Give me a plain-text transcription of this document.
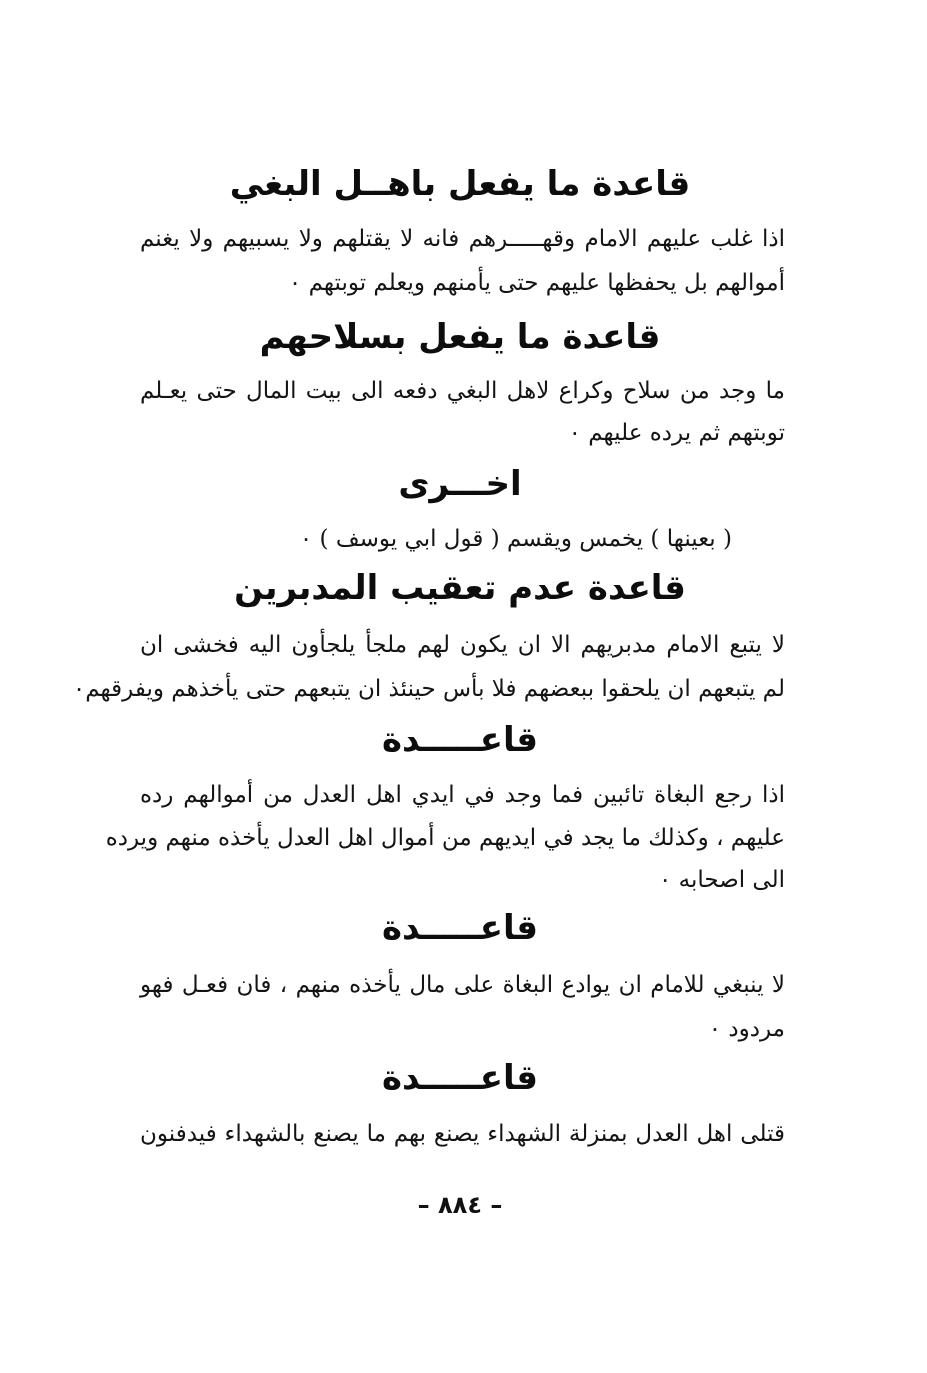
قاعدة ما يفعل باهــل البغي
اذا غلب عليهم الامام وقهـــــرهم فانه لا يقتلهم ولا يسبيهم ولا يغنم
أموالهم بل يحفظها عليهم حتى يأمنهم ويعلم توبتهم ٠
قاعدة ما يفعل بسلاحهم
ما وجد من سلاح وكراع لاهل البغي دفعه الى بيت المال حتى يعـلم
توبتهم ثم يرده عليهم ٠
اخـــرى
( بعينها ) يخمس ويقسم ( قول ابي يوسف ) ٠
قاعدة عدم تعقيب المدبرين
لا يتبع الامام مدبريهم الا ان يكون لهم ملجأ يلجأون اليه فخشى ان
لم يتبعهم ان يلحقوا ببعضهم فلا بأس حينئذ ان يتبعهم حتى يأخذهم ويفرقهم٠
قاعـــــدة
اذا رجع البغاة تائبين فما وجد في ايدي اهل العدل من أموالهم رده
عليهم ، وكذلك ما يجد في ايديهم من أموال اهل العدل يأخذه منهم ويرده
الى اصحابه ٠
قاعـــــدة
لا ينبغي للامام ان يوادع البغاة على مال يأخذه منهم ، فان فعـل فهو
مردود ٠
قاعـــــدة
قتلى اهل العدل بمنزلة الشهداء يصنع بهم ما يصنع بالشهداء فيدفنون
– ٨٨٤ –
